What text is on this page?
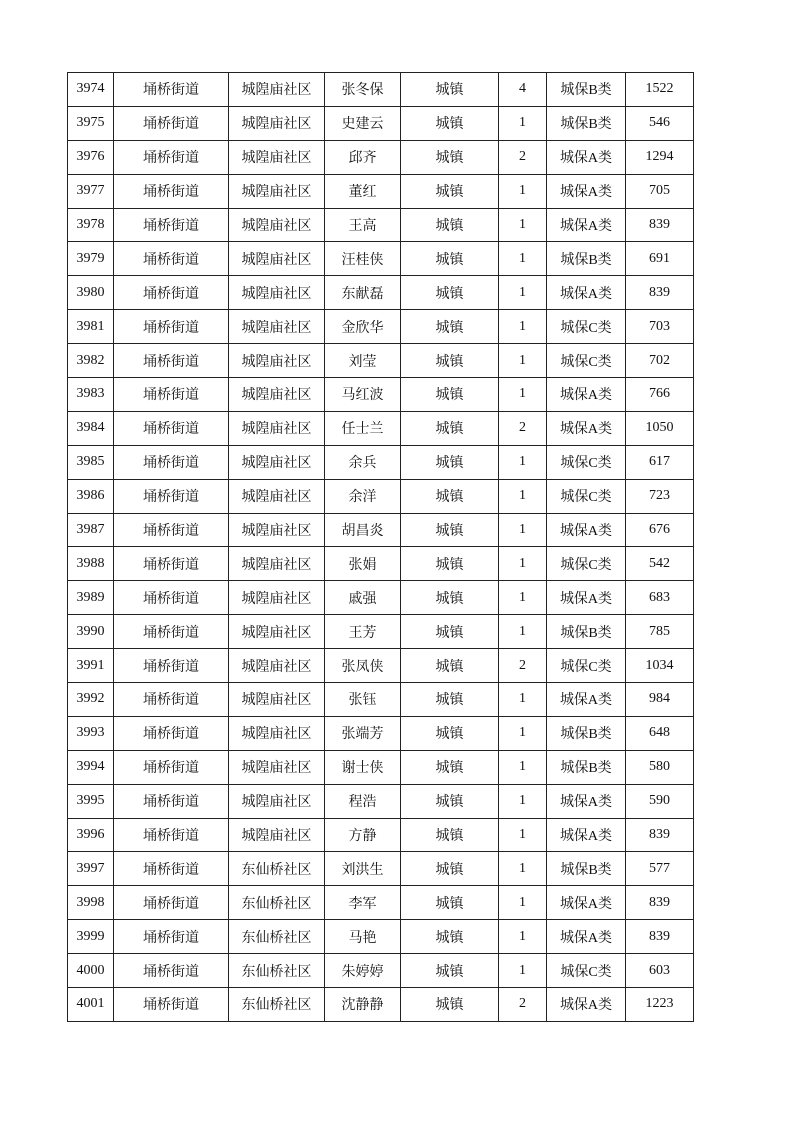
3974	埇桥街道	城隍庙社区	张冬保	城镇	4	城保B类	1522
3975	埇桥街道	城隍庙社区	史建云	城镇	1	城保B类	546
3976	埇桥街道	城隍庙社区	邱齐	城镇	2	城保A类	1294
3977	埇桥街道	城隍庙社区	董红	城镇	1	城保A类	705
3978	埇桥街道	城隍庙社区	王高	城镇	1	城保A类	839
3979	埇桥街道	城隍庙社区	汪桂侠	城镇	1	城保B类	691
3980	埇桥街道	城隍庙社区	东献磊	城镇	1	城保A类	839
3981	埇桥街道	城隍庙社区	金欣华	城镇	1	城保C类	703
3982	埇桥街道	城隍庙社区	刘莹	城镇	1	城保C类	702
3983	埇桥街道	城隍庙社区	马红波	城镇	1	城保A类	766
3984	埇桥街道	城隍庙社区	任士兰	城镇	2	城保A类	1050
3985	埇桥街道	城隍庙社区	余兵	城镇	1	城保C类	617
3986	埇桥街道	城隍庙社区	余洋	城镇	1	城保C类	723
3987	埇桥街道	城隍庙社区	胡昌炎	城镇	1	城保A类	676
3988	埇桥街道	城隍庙社区	张娟	城镇	1	城保C类	542
3989	埇桥街道	城隍庙社区	戚强	城镇	1	城保A类	683
3990	埇桥街道	城隍庙社区	王芳	城镇	1	城保B类	785
3991	埇桥街道	城隍庙社区	张凤侠	城镇	2	城保C类	1034
3992	埇桥街道	城隍庙社区	张钰	城镇	1	城保A类	984
3993	埇桥街道	城隍庙社区	张端芳	城镇	1	城保B类	648
3994	埇桥街道	城隍庙社区	谢士侠	城镇	1	城保B类	580
3995	埇桥街道	城隍庙社区	程浩	城镇	1	城保A类	590
3996	埇桥街道	城隍庙社区	方静	城镇	1	城保A类	839
3997	埇桥街道	东仙桥社区	刘洪生	城镇	1	城保B类	577
3998	埇桥街道	东仙桥社区	李军	城镇	1	城保A类	839
3999	埇桥街道	东仙桥社区	马艳	城镇	1	城保A类	839
4000	埇桥街道	东仙桥社区	朱婷婷	城镇	1	城保C类	603
4001	埇桥街道	东仙桥社区	沈静静	城镇	2	城保A类	1223
